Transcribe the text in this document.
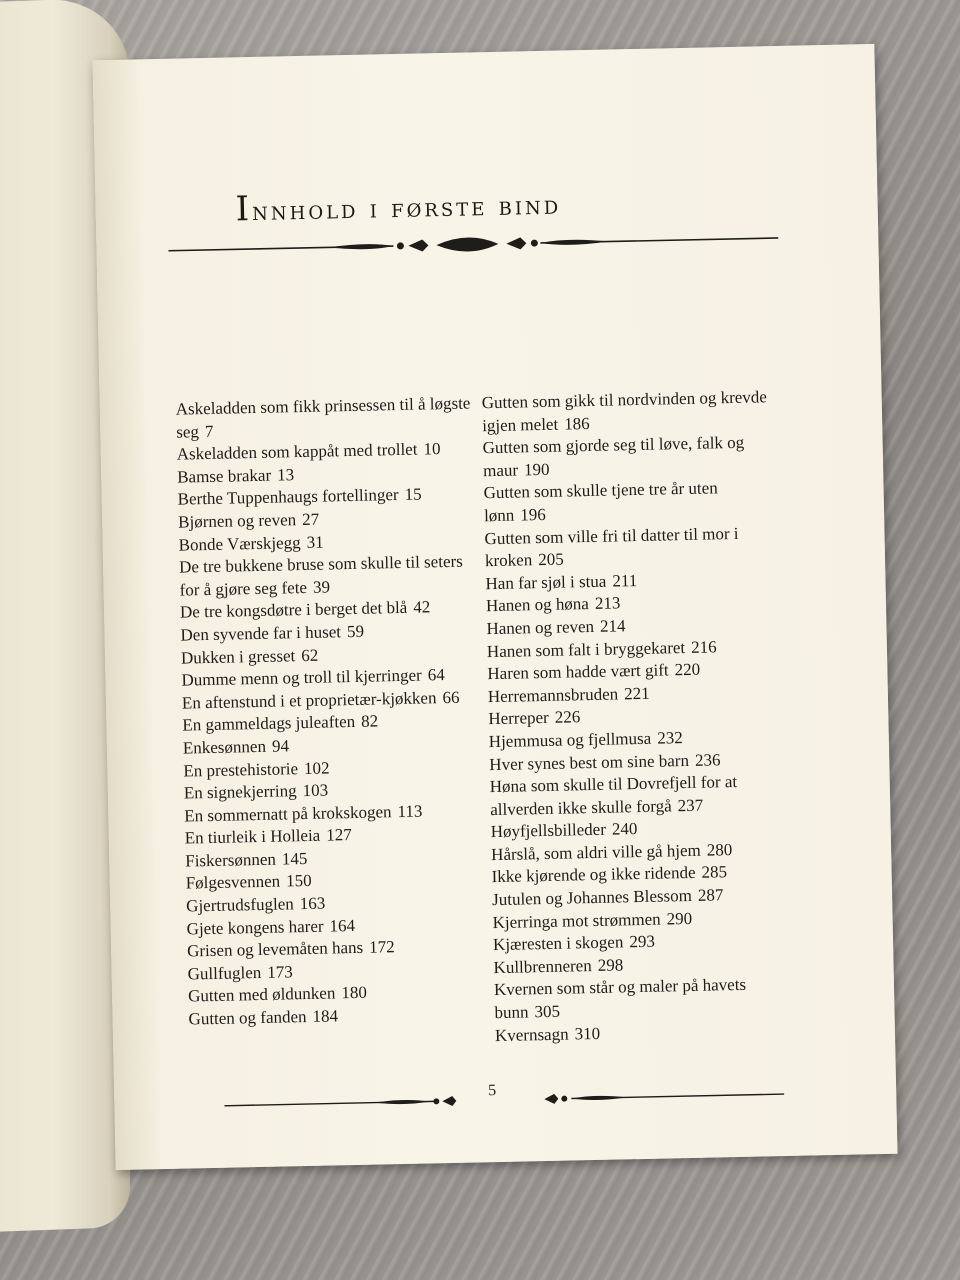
Innhold i første bind

Askeladden som fikk prinsessen til å løgste seg 7

Askeladden som kappåt med trollet 10

Bamse brakar 13

Berthe Tuppenhaugs fortellinger 15

Bjørnen og reven 27

Bonde Værskjegg 31

De tre bukkene bruse som skulle til seters for å gjøre seg fete 39

De tre kongsdøtre i berget det blå 42

Den syvende far i huset 59

Dukken i gresset 62

Dumme menn og troll til kjerringer 64

En aftenstund i et proprietær-kjøkken 66

En gammeldags juleaften 82

Enkesønnen 94

En prestehistorie 102

En signekjerring 103

En sommernatt på krokskogen 113

En tiurleik i Holleia 127

Fiskersønnen 145

Følgesvennen 150

Gjertrudsfuglen 163

Gjete kongens harer 164

Grisen og levemåten hans 172

Gullfuglen 173

Gutten med øldunken 180

Gutten og fanden 184

Gutten som gikk til nordvinden og krevde igjen melet 186

Gutten som gjorde seg til løve, falk og maur 190

Gutten som skulle tjene tre år uten lønn 196

Gutten som ville fri til datter til mor i kroken 205

Han far sjøl i stua 211

Hanen og høna 213

Hanen og reven 214

Hanen som falt i bryggekaret 216

Haren som hadde vært gift 220

Herremannsbruden 221

Herreper 226

Hjemmusa og fjellmusa 232

Hver synes best om sine barn 236

Høna som skulle til Dovrefjell for at allverden ikke skulle forgå 237

Høyfjellsbilleder 240

Hårslå, som aldri ville gå hjem 280

Ikke kjørende og ikke ridende 285

Jutulen og Johannes Blessom 287

Kjerringa mot strømmen 290

Kjæresten i skogen 293

Kullbrenneren 298

Kvernen som står og maler på havets bunn 305

Kvernsagn 310

5
